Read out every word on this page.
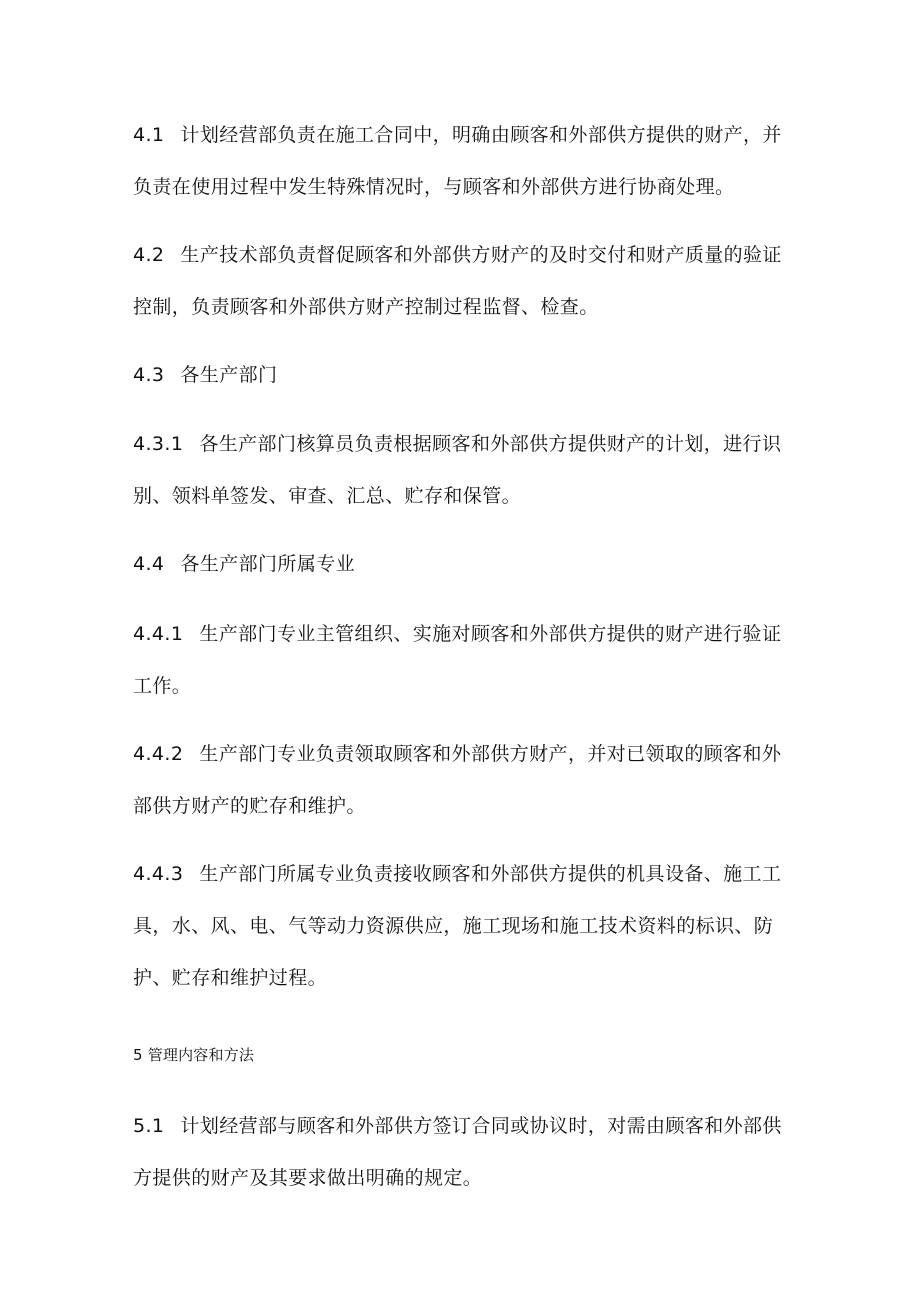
4.1 计划经营部负责在施工合同中，明确由顾客和外部供方提供的财产，并负责在使用过程中发生特殊情况时，与顾客和外部供方进行协商处理。

4.2 生产技术部负责督促顾客和外部供方财产的及时交付和财产质量的验证控制，负责顾客和外部供方财产控制过程监督、检查。

4.3 各生产部门

4.3.1 各生产部门核算员负责根据顾客和外部供方提供财产的计划，进行识别、领料单签发、审查、汇总、贮存和保管。

4.4 各生产部门所属专业

4.4.1 生产部门专业主管组织、实施对顾客和外部供方提供的财产进行验证工作。

4.4.2 生产部门专业负责领取顾客和外部供方财产，并对已领取的顾客和外部供方财产的贮存和维护。

4.4.3 生产部门所属专业负责接收顾客和外部供方提供的机具设备、施工工具，水、风、电、气等动力资源供应，施工现场和施工技术资料的标识、防护、贮存和维护过程。

5 管理内容和方法

5.1 计划经营部与顾客和外部供方签订合同或协议时，对需由顾客和外部供方提供的财产及其要求做出明确的规定。
